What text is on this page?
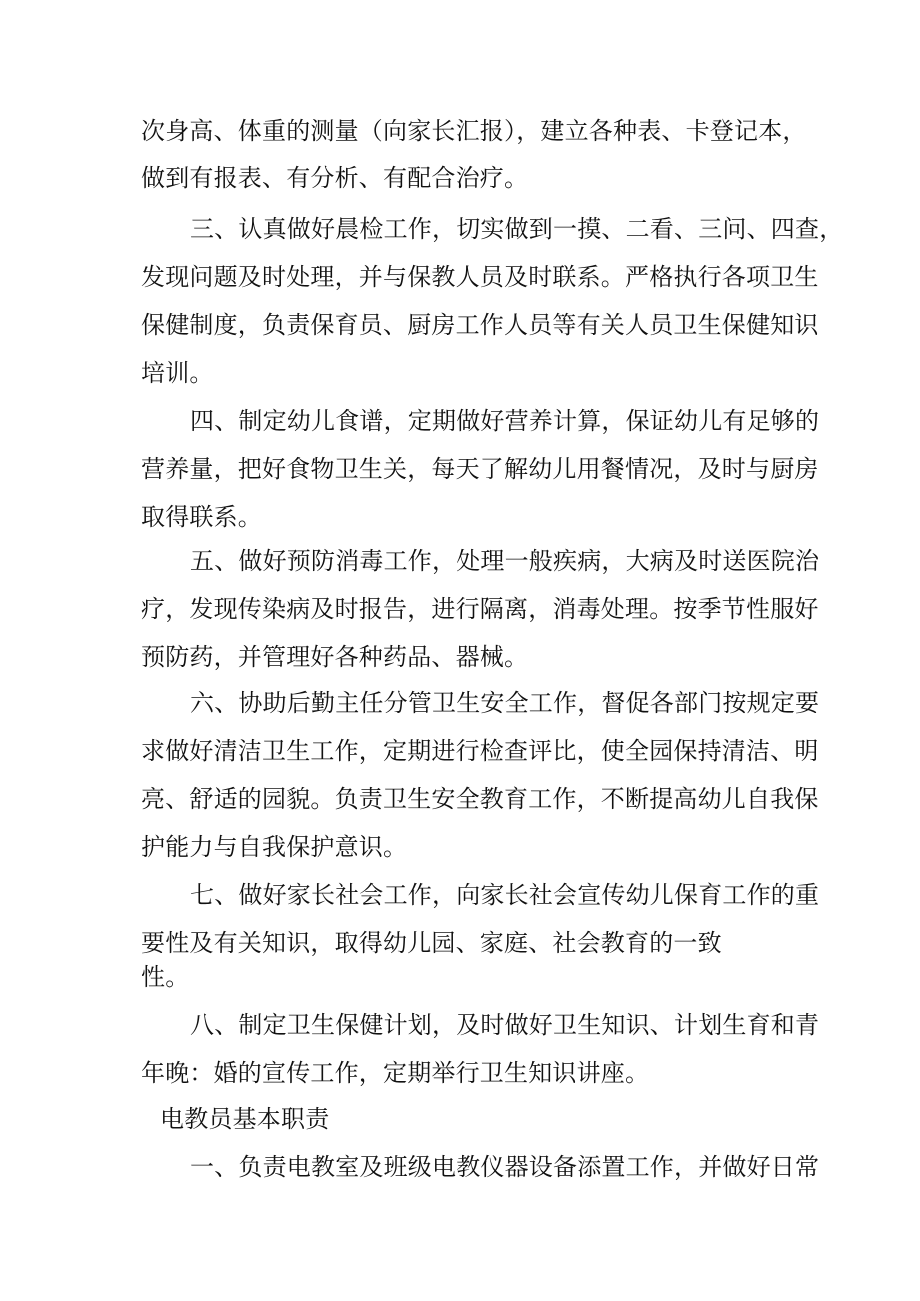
次身高、体重的测量（向家长汇报），建立各种表、卡登记本，
做到有报表、有分析、有配合治疗。
三、认真做好晨检工作，切实做到一摸、二看、三问、四查，
发现问题及时处理，并与保教人员及时联系。严格执行各项卫生
保健制度，负责保育员、厨房工作人员等有关人员卫生保健知识
培训。
四、制定幼儿食谱，定期做好营养计算，保证幼儿有足够的
营养量，把好食物卫生关，每天了解幼儿用餐情况，及时与厨房
取得联系。
五、做好预防消毒工作，处理一般疾病，大病及时送医院治
疗，发现传染病及时报告，进行隔离，消毒处理。按季节性服好
预防药，并管理好各种药品、器械。
六、协助后勤主任分管卫生安全工作，督促各部门按规定要
求做好清洁卫生工作，定期进行检查评比，使全园保持清洁、明
亮、舒适的园貌。负责卫生安全教育工作，不断提高幼儿自我保
护能力与自我保护意识。
七、做好家长社会工作，向家长社会宣传幼儿保育工作的重
要性及有关知识，取得幼儿园、家庭、社会教育的一致
性。
八、制定卫生保健计划，及时做好卫生知识、计划生育和青
年晚：婚的宣传工作，定期举行卫生知识讲座。
电教员基本职责
一、负责电教室及班级电教仪器设备添置工作，并做好日常
